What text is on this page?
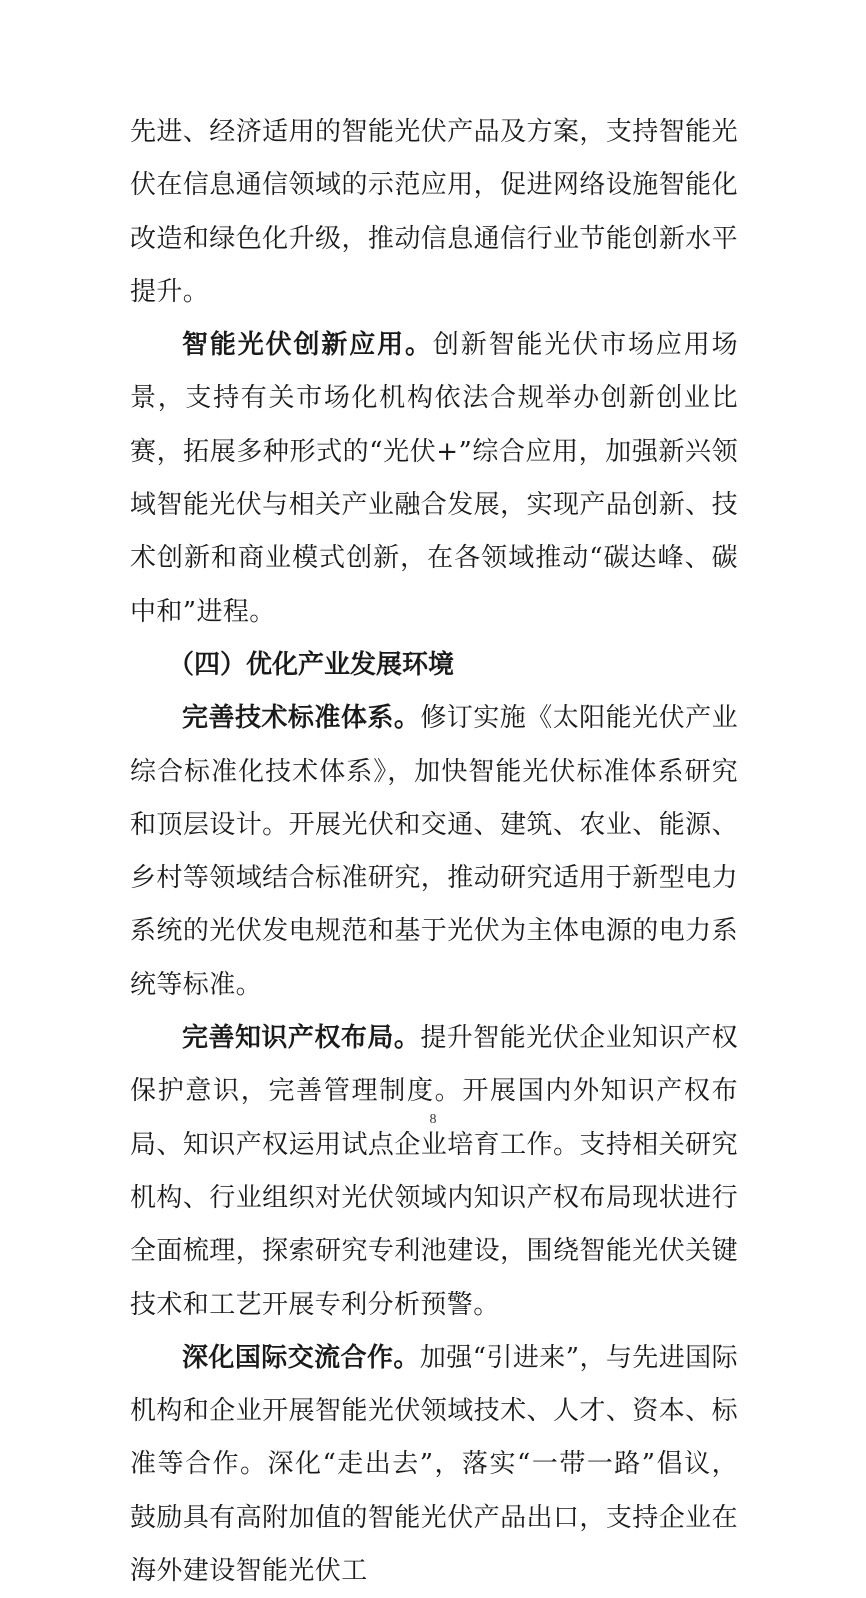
先进、经济适用的智能光伏产品及方案，支持智能光伏在信息通信领域的示范应用，促进网络设施智能化改造和绿色化升级，推动信息通信行业节能创新水平提升。

智能光伏创新应用。创新智能光伏市场应用场景，支持有关市场化机构依法合规举办创新创业比赛，拓展多种形式的“光伏+”综合应用，加强新兴领域智能光伏与相关产业融合发展，实现产品创新、技术创新和商业模式创新，在各领域推动“碳达峰、碳中和”进程。

（四）优化产业发展环境

完善技术标准体系。修订实施《太阳能光伏产业综合标准化技术体系》，加快智能光伏标准体系研究和顶层设计。开展光伏和交通、建筑、农业、能源、乡村等领域结合标准研究，推动研究适用于新型电力系统的光伏发电规范和基于光伏为主体电源的电力系统等标准。

完善知识产权布局。提升智能光伏企业知识产权保护意识，完善管理制度。开展国内外知识产权布局、知识产权运用试点企业培育工作。支持相关研究机构、行业组织对光伏领域内知识产权布局现状进行全面梳理，探索研究专利池建设，围绕智能光伏关键技术和工艺开展专利分析预警。

深化国际交流合作。加强“引进来”，与先进国际机构和企业开展智能光伏领域技术、人才、资本、标准等合作。深化“走出去”，落实“一带一路”倡议，鼓励具有高附加值的智能光伏产品出口，支持企业在海外建设智能光伏工

8
